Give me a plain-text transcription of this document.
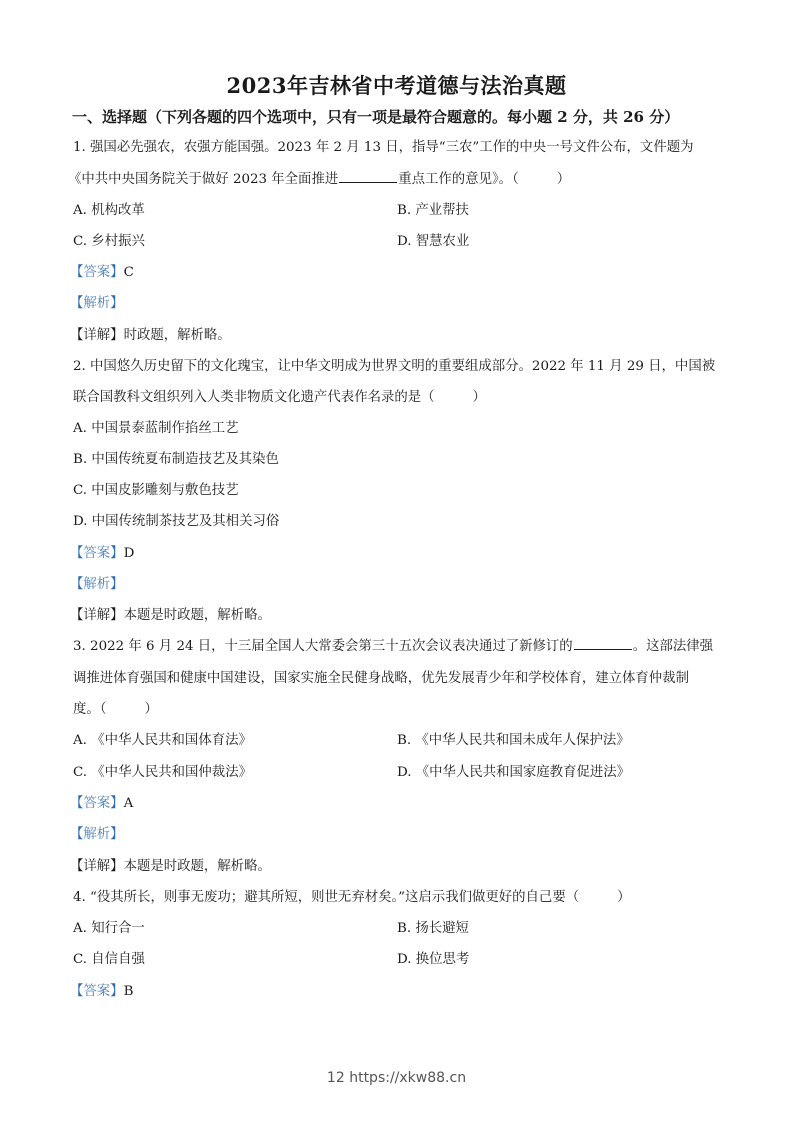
2023年吉林省中考道德与法治真题
一、选择题（下列各题的四个选项中，只有一项是最符合题意的。每小题 2 分，共 26 分）
1. 强国必先强农，农强方能国强。2023 年 2 月 13 日，指导“三农”工作的中央一号文件公布，文件题为
《中共中央国务院关于做好 2023 年全面推进	重点工作的意见》。（	）
A. 机构改革	B. 产业帮扶
C. 乡村振兴	D. 智慧农业
【答案】C
【解析】
【详解】时政题，解析略。
2. 中国悠久历史留下的文化瑰宝，让中华文明成为世界文明的重要组成部分。2022 年 11 月 29 日，中国被
联合国教科文组织列入人类非物质文化遗产代表作名录的是（	）
A. 中国景泰蓝制作掐丝工艺
B. 中国传统夏布制造技艺及其染色
C. 中国皮影雕刻与敷色技艺
D. 中国传统制茶技艺及其相关习俗
【答案】D
【解析】
【详解】本题是时政题，解析略。
3. 2022 年 6 月 24 日，十三届全国人大常委会第三十五次会议表决通过了新修订的	。这部法律强
调推进体育强国和健康中国建设，国家实施全民健身战略，优先发展青少年和学校体育，建立体育仲裁制
度。（	）
A. 《中华人民共和国体育法》	B. 《中华人民共和国未成年人保护法》
C. 《中华人民共和国仲裁法》	D. 《中华人民共和国家庭教育促进法》
【答案】A
【解析】
【详解】本题是时政题，解析略。
4. “役其所长，则事无废功；避其所短，则世无弃材矣。”这启示我们做更好的自己要（	）
A. 知行合一	B. 扬长避短
C. 自信自强	D. 换位思考
【答案】B
12 https://xkw88.cn
